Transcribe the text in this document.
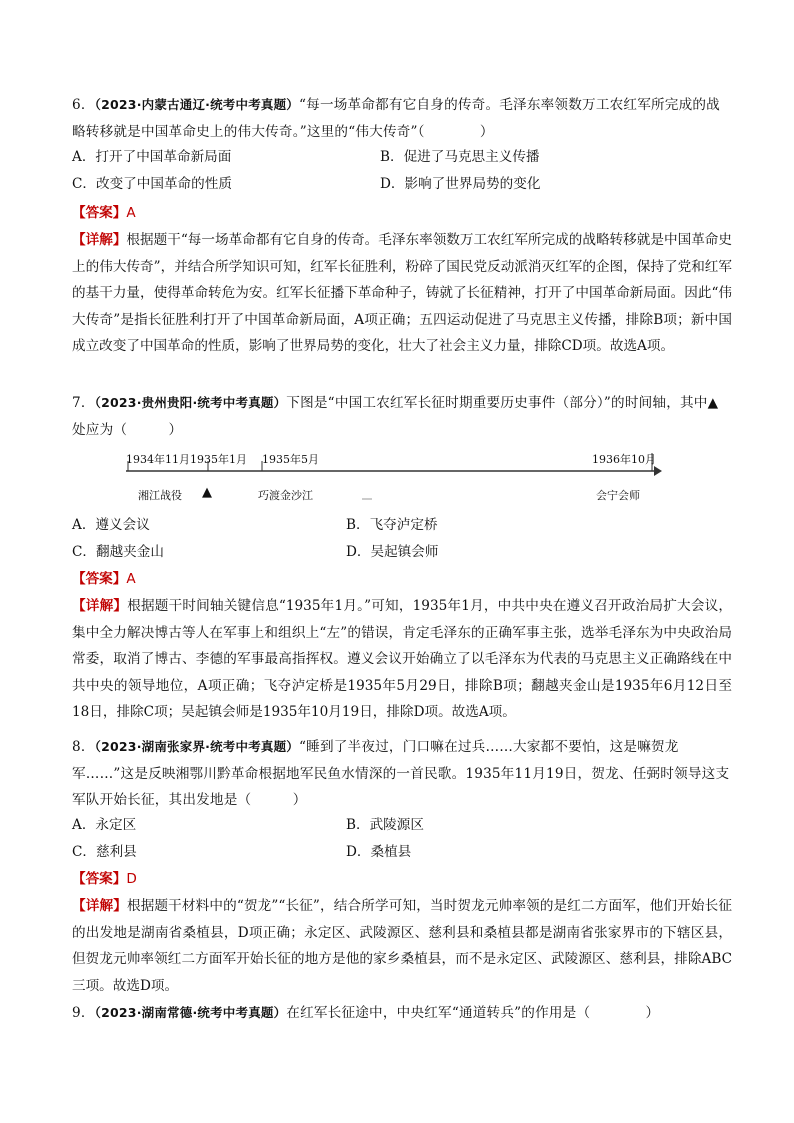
6．（2023·内蒙古通辽·统考中考真题）“每一场革命都有它自身的传奇。毛泽东率领数万工农红军所完成的战略转移就是中国革命史上的伟大传奇。”这里的“伟大传奇”（　　　　）
A．打开了中国革命新局面	B．促进了马克思主义传播
C．改变了中国革命的性质	D．影响了世界局势的变化
【答案】A
【详解】根据题干“每一场革命都有它自身的传奇。毛泽东率领数万工农红军所完成的战略转移就是中国革命史上的伟大传奇”，并结合所学知识可知，红军长征胜利，粉碎了国民党反动派消灭红军的企图，保持了党和红军的基干力量，使得革命转危为安。红军长征播下革命种子，铸就了长征精神，打开了中国革命新局面。因此“伟大传奇”是指长征胜利打开了中国革命新局面，A项正确；五四运动促进了马克思主义传播，排除B项；新中国成立改变了中国革命的性质，影响了世界局势的变化，壮大了社会主义力量，排除CD项。故选A项。
7．（2023·贵州贵阳·统考中考真题）下图是“中国工农红军长征时期重要历史事件（部分）”的时间轴，其中▲处应为（　　　）
1934年11月 1935年1月 1935年5月	1936年10月
湘江战役 ▲	巧渡金沙江	会宁会师
A．遵义会议	B．飞夺泸定桥
C．翻越夹金山	D．吴起镇会师
【答案】A
【详解】根据题干时间轴关键信息“1935年1月。”可知，1935年1月，中共中央在遵义召开政治局扩大会议，集中全力解决博古等人在军事上和组织上“左”的错误，肯定毛泽东的正确军事主张，选举毛泽东为中央政治局常委，取消了博古、李德的军事最高指挥权。遵义会议开始确立了以毛泽东为代表的马克思主义正确路线在中共中央的领导地位，A项正确；飞夺泸定桥是1935年5月29日，排除B项；翻越夹金山是1935年6月12日至18日，排除C项；吴起镇会师是1935年10月19日，排除D项。故选A项。
8．（2023·湖南张家界·统考中考真题）“睡到了半夜过，门口嘛在过兵……大家都不要怕，这是嘛贺龙军……”这是反映湘鄂川黔革命根据地军民鱼水情深的一首民歌。1935年11月19日，贺龙、任弼时领导这支军队开始长征，其出发地是（　　　）
A．永定区	B．武陵源区
C．慈利县	D．桑植县
【答案】D
【详解】根据题干材料中的“贺龙”“长征”，结合所学可知，当时贺龙元帅率领的是红二方面军，他们开始长征的出发地是湖南省桑植县，D项正确；永定区、武陵源区、慈利县和桑植县都是湖南省张家界市的下辖区县，但贺龙元帅率领红二方面军开始长征的地方是他的家乡桑植县，而不是永定区、武陵源区、慈利县，排除ABC三项。故选D项。
9．（2023·湖南常德·统考中考真题）在红军长征途中，中央红军“通道转兵”的作用是（　　　　）
